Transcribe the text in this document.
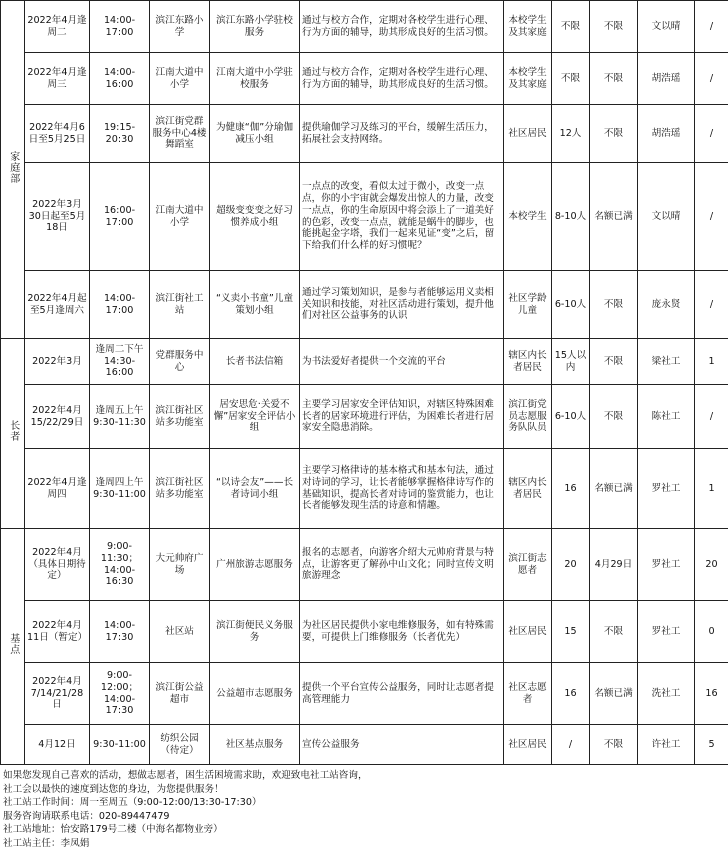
家庭部	2022年4月逢周二	14:00-17:00	滨江东路小学	滨江东路小学驻校服务	通过与校方合作，定期对各校学生进行心理、行为方面的辅导，助其形成良好的生活习惯。	本校学生及其家庭	不限	不限	文以晴	/
	2022年4月逢周三	14:00-16:00	江南大道中小学	江南大道中小学驻校服务	通过与校方合作，定期对各校学生进行心理、行为方面的辅导，助其形成良好的生活习惯。	本校学生及其家庭	不限	不限	胡浩瑶	/
	2022年4月6日至5月25日	19:15-20:30	滨江街党群服务中心4楼舞蹈室	为健康“伽”分瑜伽减压小组	提供瑜伽学习及练习的平台，缓解生活压力，拓展社会支持网络。	社区居民	12人	不限	胡浩瑶	/
	2022年3月30日起至5月18日	16:00-17:00	江南大道中小学	超级变变变之好习惯养成小组	一点点的改变，看似太过于微小，改变一点点，你的小宇宙就会爆发出惊人的力量，改变一点点，你的生命原因中将会添上了一道美好的色彩，改变一点点，就能是蜗牛的脚步，也能挑起金字塔，我们一起来见证“变”之后，留下给我们什么样的好习惯呢？	本校学生	8-10人	名额已满	文以晴	/
	2022年4月起至5月逢周六	14:00-17:00	滨江街社工站	“义卖小书童”儿童策划小组	通过学习策划知识，是参与者能够运用义卖相关知识和技能，对社区活动进行策划，提升他们对社区公益事务的认识	社区学龄儿童	6-10人	不限	庞永贤	/
长者	2022年3月	逢周二下午14:30-16:00	党群服务中心	长者书法信箱	为书法爱好者提供一个交流的平台	辖区内长者居民	15人以内	不限	梁社工	1
	2022年4月15/22/29日	逢周五上午9:30-11:30	滨江街社区站多功能室	居安思危·关爱不懈”居家安全评估小组	主要学习居家安全评估知识，对辖区特殊困难长者的居家环境进行评估，为困难长者进行居家安全隐患消除。	滨江街党员志愿服务队队员	6-10人	不限	陈社工	/
	2022年4月逢周四	逢周四上午9:30-11:00	滨江街社区站多功能室	“以诗会友”——长者诗词小组	主要学习格律诗的基本格式和基本句法，通过对诗词的学习，让长者能够掌握格律诗写作的基础知识，提高长者对诗词的鉴赏能力，也让长者能够发现生活的诗意和情趣。	辖区内长者居民	16	名额已满	罗社工	1
基点	2022年4月（具体日期待定）	9:00-11:30；14:00-16:30	大元帅府广场	广州旅游志愿服务	报名的志愿者，向游客介绍大元帅府背景与特点，让游客更了解孙中山文化；同时宣传文明旅游理念	滨江街志愿者	20	4月29日	罗社工	20
	2022年4月11日（暂定）	14:00-17:30	社区站	滨江街便民义务服务	为社区居民提供小家电维修服务，如有特殊需要，可提供上门维修服务（长者优先）	社区居民	15	不限	罗社工	0
	2022年4月7/14/21/28日	9:00-12:00；14:00-17:30	滨江街公益超市	公益超市志愿服务	提供一个平台宣传公益服务，同时让志愿者提高管理能力	社区志愿者	16	名额已满	洗社工	16
	4月12日	9:30-11:00	纺织公园（待定）	社区基点服务	宣传公益服务	社区居民	/	不限	许社工	5
如果您发现自己喜欢的活动，想做志愿者，困生活困境需求助，欢迎致电社工站咨询，
社工会以最快的速度到达您的身边，为您提供服务！
社工站工作时间：周一至周五（9:00-12:00/13:30-17:30）
服务咨询请联系电话：020-89447479
社工站地址：怡安路179号二楼（中海名都物业旁）
社工站主任：李凤娟
